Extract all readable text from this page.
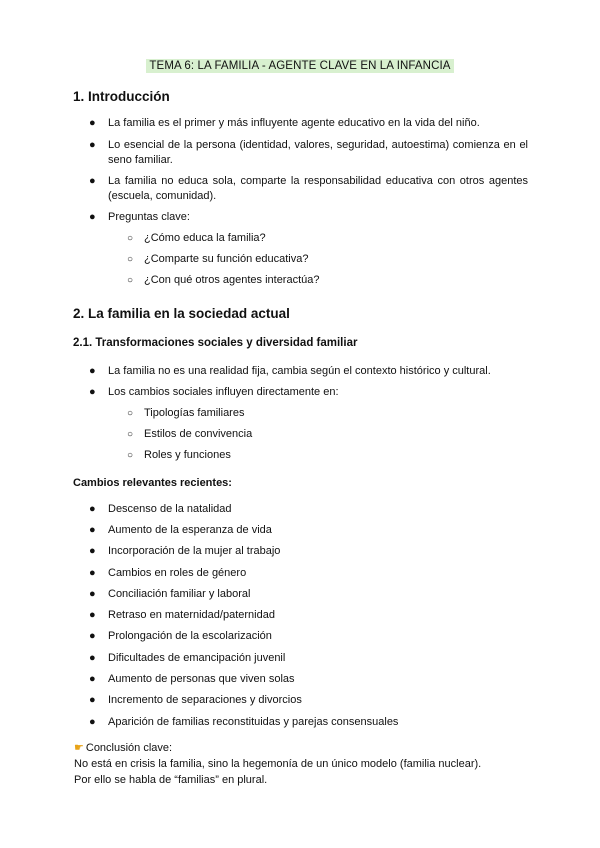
TEMA 6: LA FAMILIA - AGENTE CLAVE EN LA INFANCIA
1. Introducción
● La familia es el primer y más influyente agente educativo en la vida del niño.
● Lo esencial de la persona (identidad, valores, seguridad, autoestima) comienza en el seno familiar.
● La familia no educa sola, comparte la responsabilidad educativa con otros agentes (escuela, comunidad).
● Preguntas clave:
○ ¿Cómo educa la familia?
○ ¿Comparte su función educativa?
○ ¿Con qué otros agentes interactúa?
2. La familia en la sociedad actual
2.1. Transformaciones sociales y diversidad familiar
● La familia no es una realidad fija, cambia según el contexto histórico y cultural.
● Los cambios sociales influyen directamente en:
○ Tipologías familiares
○ Estilos de convivencia
○ Roles y funciones
Cambios relevantes recientes:
● Descenso de la natalidad
● Aumento de la esperanza de vida
● Incorporación de la mujer al trabajo
● Cambios en roles de género
● Conciliación familiar y laboral
● Retraso en maternidad/paternidad
● Prolongación de la escolarización
● Dificultades de emancipación juvenil
● Aumento de personas que viven solas
● Incremento de separaciones y divorcios
● Aparición de familias reconstituidas y parejas consensuales
☛ Conclusión clave:
No está en crisis la familia, sino la hegemonía de un único modelo (familia nuclear).
Por ello se habla de “familias” en plural.
